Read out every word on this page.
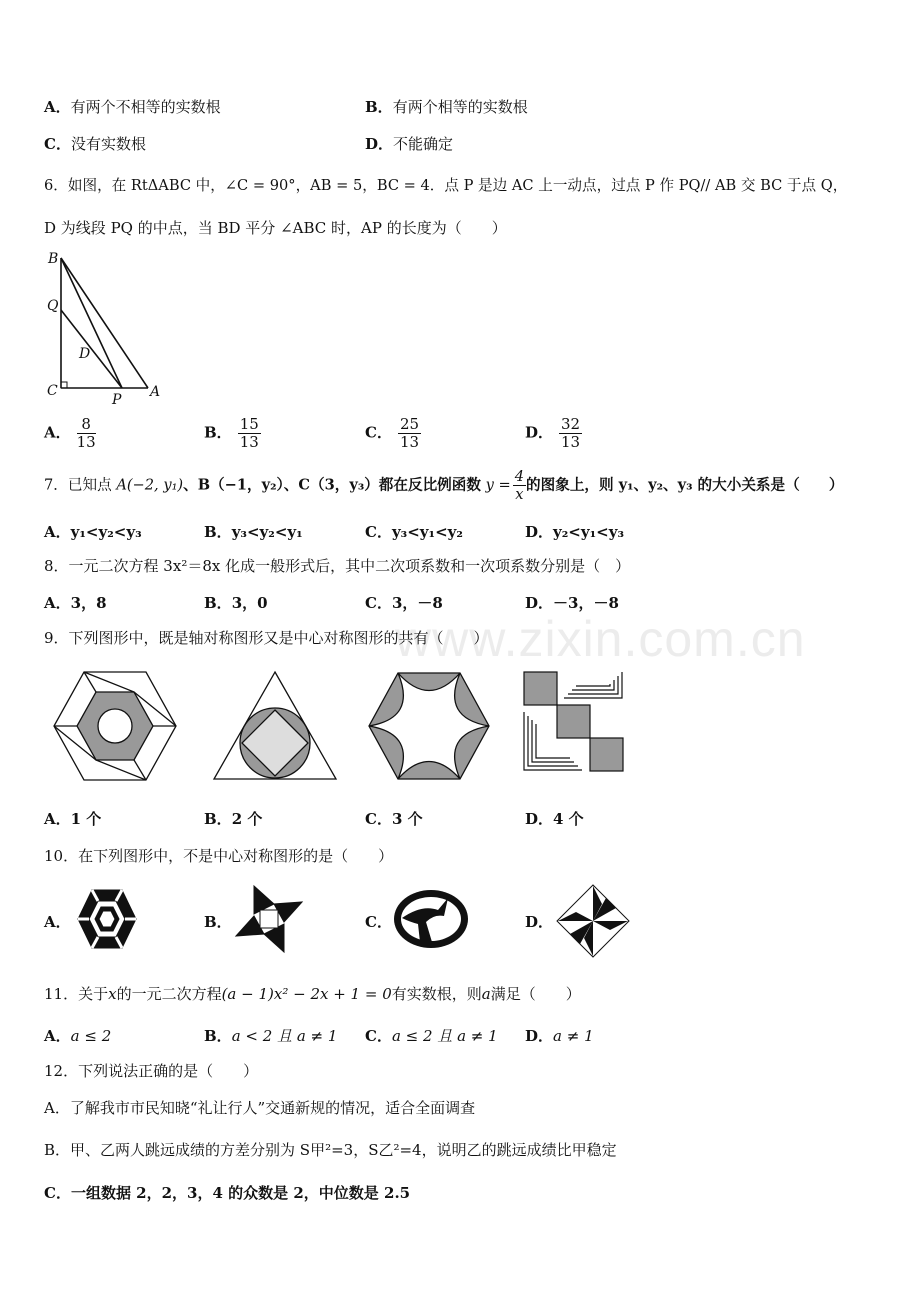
www.zixin.com.cn
A．有两个不相等的实数根	B．有两个相等的实数根
C．没有实数根	D．不能确定
6．如图，在 RtΔABC 中，∠C = 90°，AB = 5，BC = 4．点 P 是边 AC 上一动点，过点 P 作 PQ// AB 交 BC 于点 Q，
D 为线段 PQ 的中点，当 BD 平分 ∠ABC 时，AP 的长度为（　　）
B
Q
D
C
P A
A． $\frac{8}{13}$	B． $\frac{15}{13}$	C． $\frac{25}{13}$	D． $\frac{32}{13}$
7．已知点 A(−2, y₁)、B（−1，y₂）、C（3，y₃）都在反比例函数 $y = \frac{4}{x}$ 的图象上，则 y₁、y₂、y₃ 的大小关系是（　　）
A．y₁<y₂<y₃	B．y₃<y₂<y₁	C．y₃<y₁<y₂	D．y₂<y₁<y₃
8．一元二次方程 3x²＝8x 化成一般形式后，其中二次项系数和一次项系数分别是（　）
A．3，8	B．3，0	C．3，－8	D．－3，－8
9．下列图形中，既是轴对称图形又是中心对称图形的共有（　　）
A．1 个	B．2 个	C．3 个	D．4 个
10．在下列图形中，不是中心对称图形的是（　　）
A．	B．	C．	D．
11．关于x的一元二次方程(a − 1)x² − 2x + 1 = 0有实数根，则a满足（　　）
A．a ≤ 2	B．a < 2 且 a ≠ 1 C．a ≤ 2 且 a ≠ 1 D．a ≠ 1
12．下列说法正确的是（　　）
A．了解我市市民知晓“礼让行人”交通新规的情况，适合全面调查
B．甲、乙两人跳远成绩的方差分别为 S甲²=3，S乙²=4，说明乙的跳远成绩比甲稳定
C．一组数据 2，2，3，4 的众数是 2，中位数是 2.5
